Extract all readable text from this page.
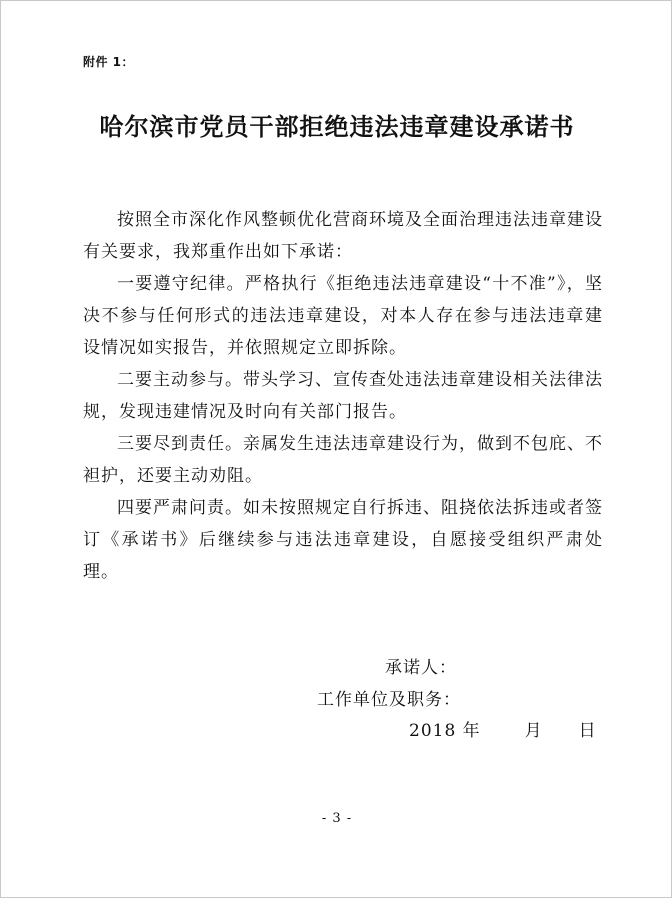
附件 1：
哈尔滨市党员干部拒绝违法违章建设承诺书

按照全市深化作风整顿优化营商环境及全面治理违法违章建设有关要求，我郑重作出如下承诺：

一要遵守纪律。严格执行《拒绝违法违章建设“十不准”》，坚决不参与任何形式的违法违章建设，对本人存在参与违法违章建设情况如实报告，并依照规定立即拆除。

二要主动参与。带头学习、宣传查处违法违章建设相关法律法规，发现违建情况及时向有关部门报告。

三要尽到责任。亲属发生违法违章建设行为，做到不包庇、不袒护，还要主动劝阻。

四要严肃问责。如未按照规定自行拆违、阻挠依法拆违或者签订《承诺书》后继续参与违法违章建设，自愿接受组织严肃处理。

承诺人：
工作单位及职务：
2018 年	月 日
- 3 -
